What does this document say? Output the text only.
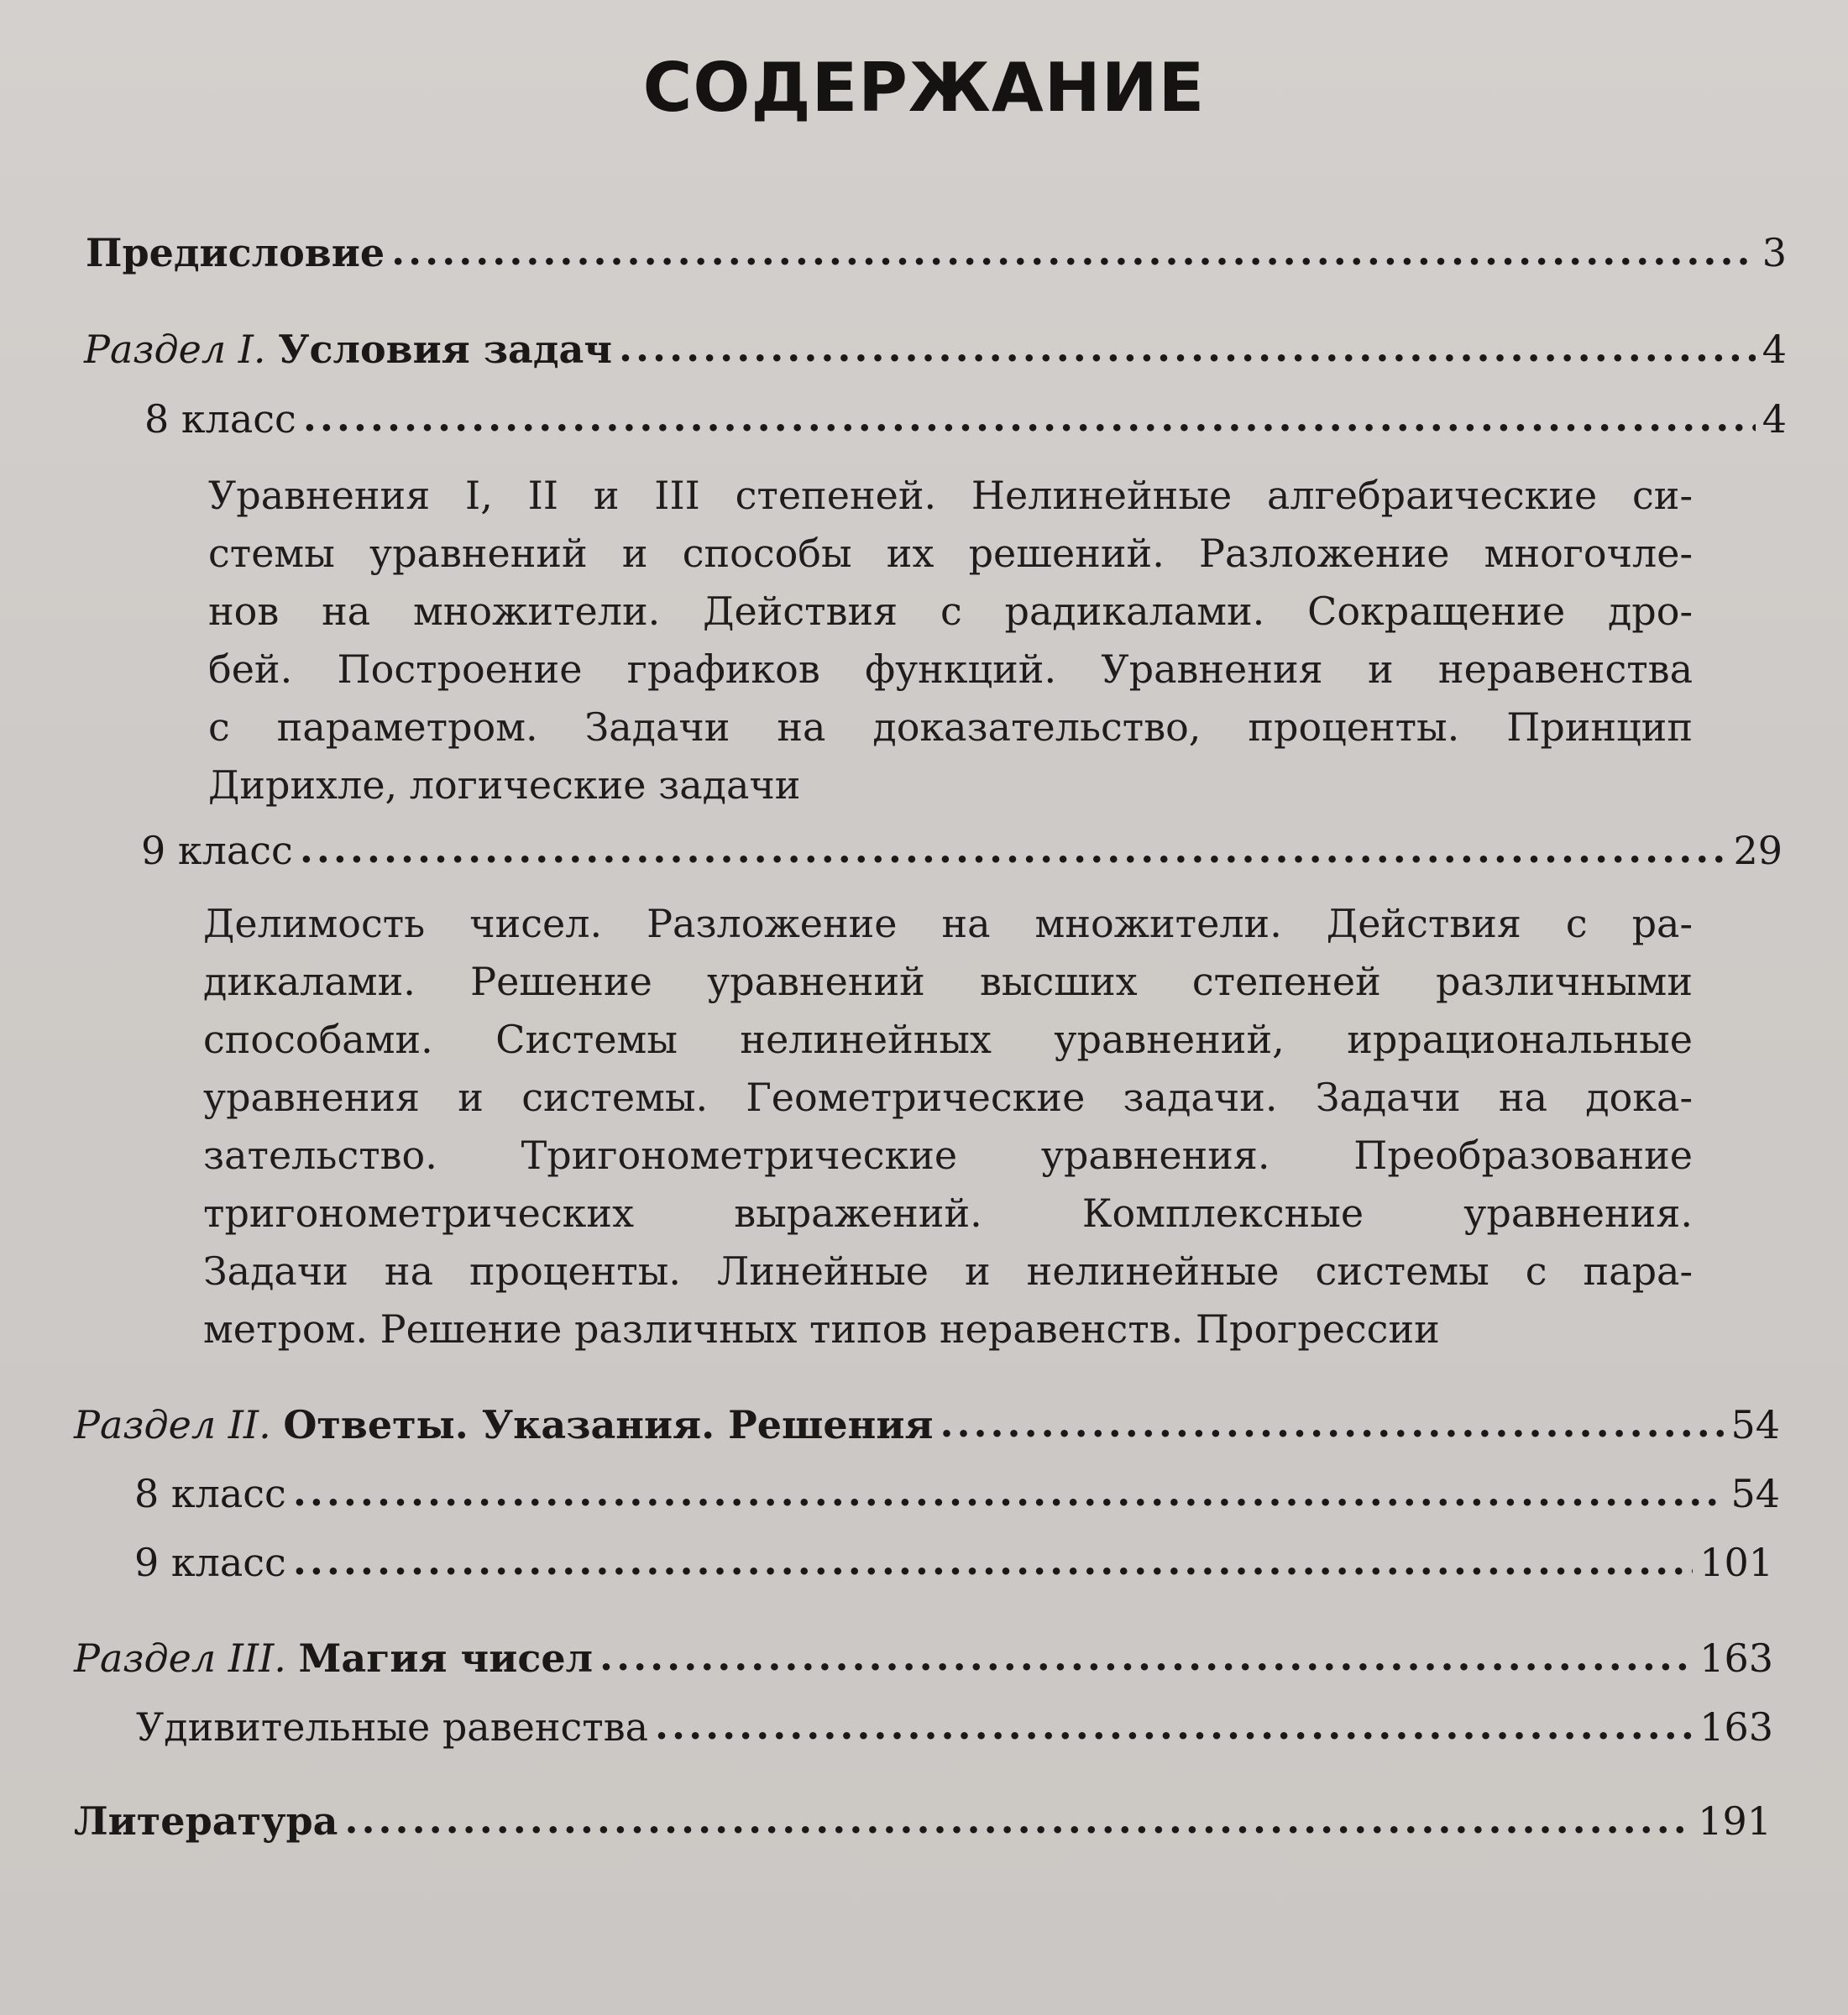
СОДЕРЖАНИЕ
Предисловие . . .	3
Раздел I. Условия задач . . .	4
8 класс . . .	4
Уравнения I, II и III степеней. Нелинейные алгебраические си-
стемы уравнений и способы их решений. Разложение многочле-
нов на множители. Действия с радикалами. Сокращение дро-
бей. Построение графиков функций. Уравнения и неравенства
с параметром. Задачи на доказательство, проценты. Принцип
Дирихле, логические задачи
9 класс . . .	29
Делимость чисел. Разложение на множители. Действия с ра-
дикалами. Решение уравнений высших степеней различными
способами. Системы нелинейных уравнений, иррациональные
уравнения и системы. Геометрические задачи. Задачи на дока-
зательство. Тригонометрические уравнения. Преобразование
тригонометрических выражений. Комплексные уравнения.
Задачи на проценты. Линейные и нелинейные системы с пара-
метром. Решение различных типов неравенств. Прогрессии
Раздел II. Ответы. Указания. Решения . . .	54
8 класс . . .	54
9 класс . . .	101
Раздел III. Магия чисел . . .	163
Удивительные равенства . . .	163
Литература . . .	191
